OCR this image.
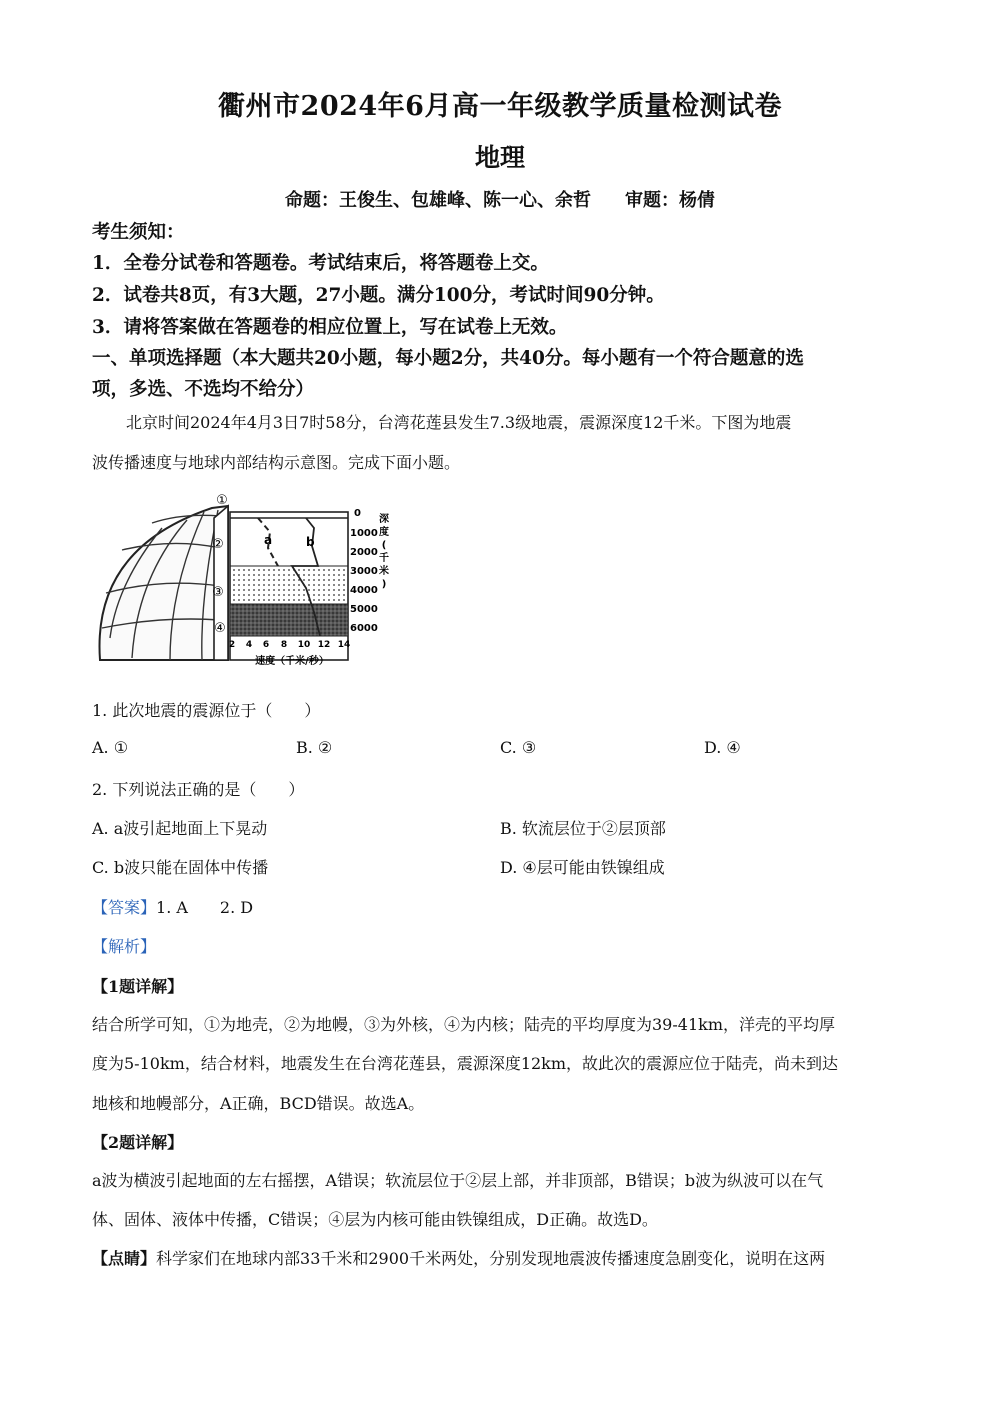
衢州市2024年6月高一年级教学质量检测试卷
地理
命题：王俊生、包雄峰、陈一心、余哲 审题：杨倩
考生须知：
1．全卷分试卷和答题卷。考试结束后，将答题卷上交。
2．试卷共8页，有3大题，27小题。满分100分，考试时间90分钟。
3．请将答案做在答题卷的相应位置上，写在试卷上无效。
一、单项选择题（本大题共20小题，每小题2分，共40分。每小题有一个符合题意的选
项，多选、不选均不给分）
北京时间2024年4月3日7时58分，台湾花莲县发生7.3级地震，震源深度12千米。下图为地震
波传播速度与地球内部结构示意图。完成下面小题。
①
②
③
④
a	b
0
1000
2000
3000
4000
5000
6000
深
度
(
千
米
)
2 4 6 8 10 12 14
速度（千米/秒）
1. 此次地震的震源位于（　　）
A. ①	B. ②	C. ③	D. ④
2. 下列说法正确的是（　　）
A. a波引起地面上下晃动	B. 软流层位于②层顶部
C. b波只能在固体中传播	D. ④层可能由铁镍组成
【答案】1. A　　2. D
【解析】
【1题详解】
结合所学可知，①为地壳，②为地幔，③为外核，④为内核；陆壳的平均厚度为39-41km，洋壳的平均厚
度为5-10km，结合材料，地震发生在台湾花莲县，震源深度12km，故此次的震源应位于陆壳，尚未到达
地核和地幔部分，A正确，BCD错误。故选A。
【2题详解】
a波为横波引起地面的左右摇摆，A错误；软流层位于②层上部，并非顶部，B错误；b波为纵波可以在气
体、固体、液体中传播，C错误；④层为内核可能由铁镍组成，D正确。故选D。
【点睛】科学家们在地球内部33千米和2900千米两处，分别发现地震波传播速度急剧变化，说明在这两
